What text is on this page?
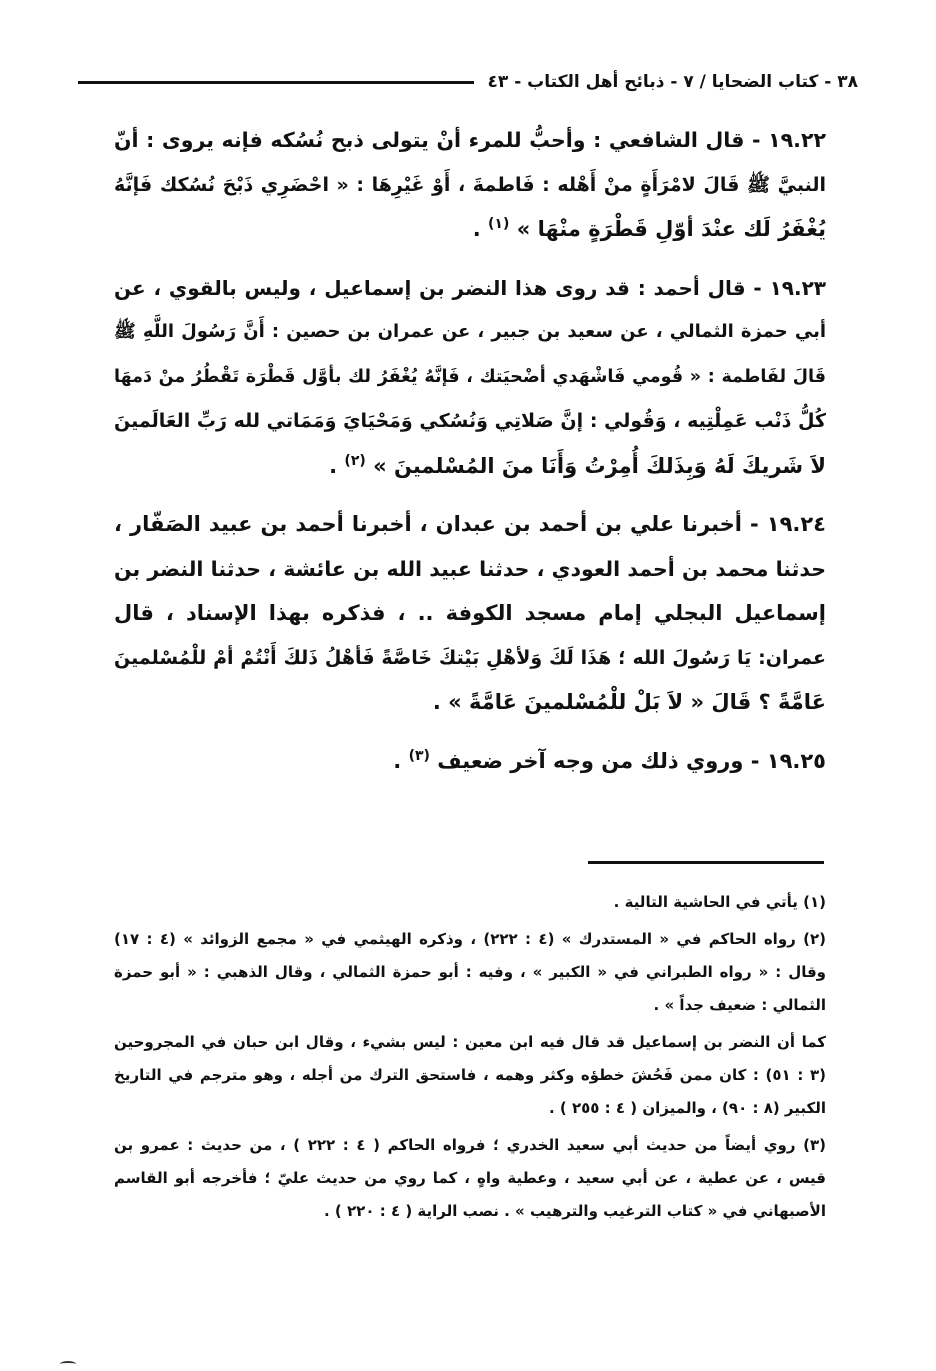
٣٨ - كتاب الضحايا / ٧ - ذبائح أهل الكتاب - ٤٣

١٩.٢٢ - قال الشافعي : وأحبُّ للمرء أنْ يتولى ذبح نُسُكه فإنه يروى : أنّ
النبيَّ ﷺ قَالَ لامْرَأَةٍ منْ أَهْله : فَاطمةَ ، أَوْ غَيْرِهَا : « احْضَرِي ذَبْحَ نُسُكك فَإنَّهُ
يُغْفَرُ لَك عنْدَ أوّلِ قَطْرَةٍ منْهَا » $^{(١)}$ .

١٩.٢٣ - قال أحمد : قد روى هذا النضر بن إسماعيل ، وليس بالقوي ، عن
أبي حمزة الثمالي ، عن سعيد بن جبير ، عن عمران بن حصين : أَنَّ رَسُولَ اللَّهِ ﷺ
قَالَ لفَاطمة : « قُومي فَاشْهَدي أضْحيَتك ، فَإنَّهُ يُغْفَرُ لك بأوَّل قَطْرَة تَقْطُرُ منْ دَمهَا
كُلُّ ذَنْب عَمِلْتِيه ، وَقُولي : إنَّ صَلاتِي وَنُسُكي وَمَحْيَايَ وَمَمَاتي لله رَبِّ العَالَمينَ
لاَ شَريكَ لَهُ وَبِذَلكَ أُمِرْتُ وَأَنَا منَ المُسْلمينَ » $^{(٢)}$ .

١٩.٢٤ - أخبرنا علي بن أحمد بن عبدان ، أخبرنا أحمد بن عبيد الصَفّار ،
حدثنا محمد بن أحمد العودي ، حدثنا عبيد الله بن عائشة ، حدثنا النضر بن
إسماعيل البجلي إمام مسجد الكوفة .. ، فذكره بهذا الإسناد ، قال
عمران: يَا رَسُولَ الله ؛ هَذَا لَكَ وَلأهْلِ بَيْتكَ خَاصَّةً فَأهْلُ ذَلكَ أَنْتُمْ أمْ للْمُسْلمينَ
عَامَّةً ؟ قَالَ « لاَ بَلْ للْمُسْلمينَ عَامَّةً » .

١٩.٢٥ - وروي ذلك من وجه آخر ضعيف $^{(٣)}$ .

(١) يأتي في الحاشية التالية .
(٢) رواه الحاكم في « المستدرك » (٤ : ٢٢٢) ، وذكره الهيثمي في « مجمع الزوائد » (٤ : ١٧)
وقال : « رواه الطبراني في « الكبير » ، وفيه : أبو حمزة الثمالي ، وقال الذهبي : « أبو حمزة
الثمالي : ضعيف جداً » .
كما أن النضر بن إسماعيل قد قال فيه ابن معين : ليس بشيء ، وقال ابن حبان في المجروحين
(٣ : ٥١) : كان ممن فَحُشَ خطؤه وكثر وهمه ، فاستحق الترك من أجله ، وهو مترجم في التاريخ
الكبير (٨ : ٩٠) ، والميزان ( ٤ : ٢٥٥ ) .
(٣) روي أيضاً من حديث أبي سعيد الخدري ؛ فرواه الحاكم ( ٤ : ٢٢٢ ) ، من حديث : عمرو بن
قيس ، عن عطية ، عن أبي سعيد ، وعطية واهٍ ، كما روي من حديث عليّ ؛ فأخرجه أبو القاسم
الأصبهاني في « كتاب الترغيب والترهيب » . نصب الراية ( ٤ : ٢٢٠ ) .
